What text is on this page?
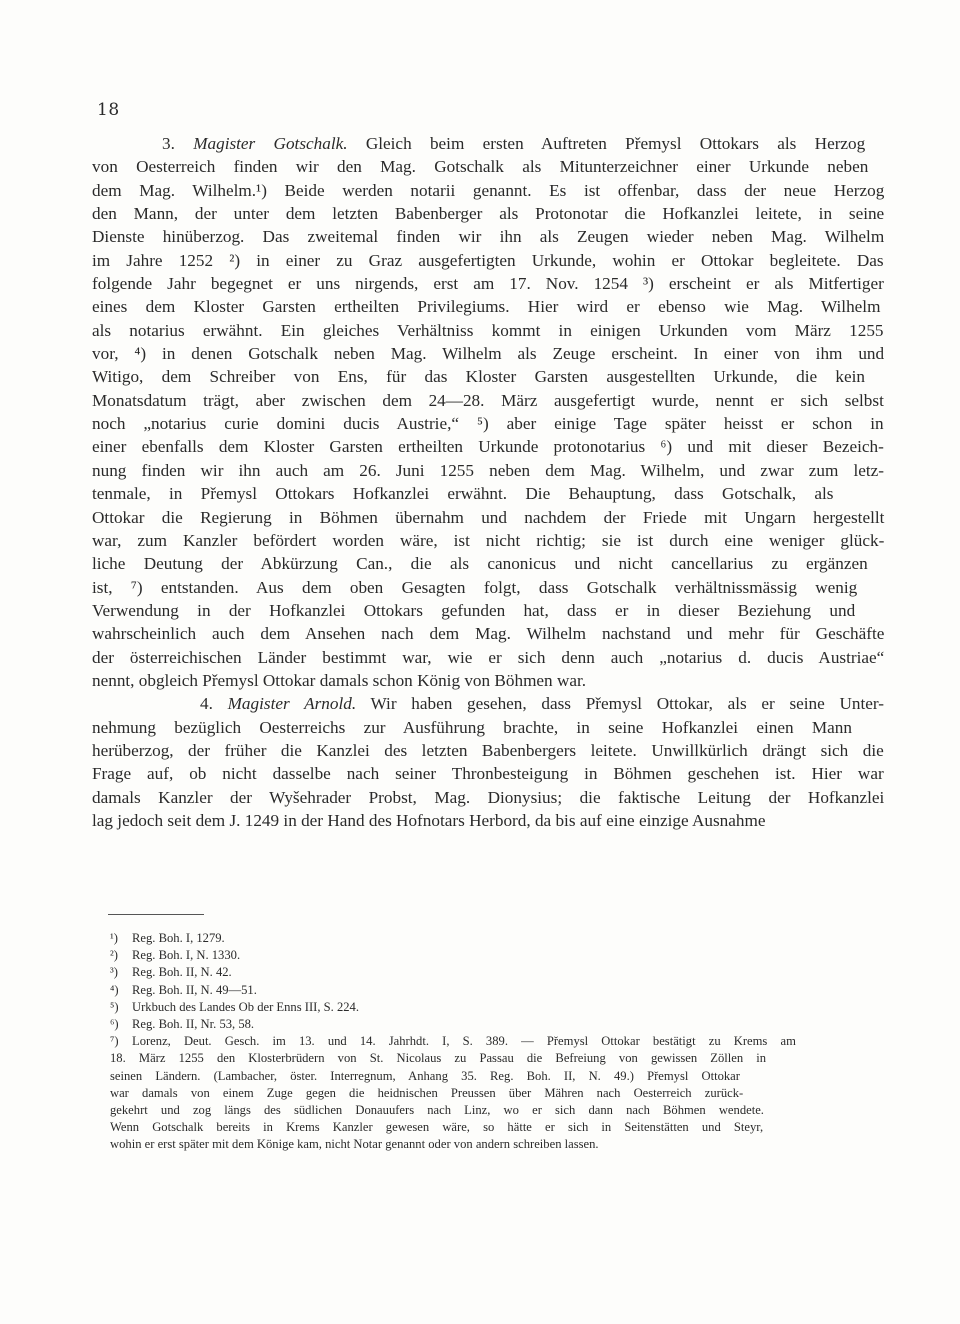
18
3. Magister Gotschalk. Gleich beim ersten Auftreten Přemysl Ottokars als Herzog
von Oesterreich finden wir den Mag. Gotschalk als Mitunterzeichner einer Urkunde neben
dem Mag. Wilhelm.¹) Beide werden notarii genannt. Es ist offenbar, dass der neue Herzog
den Mann, der unter dem letzten Babenberger als Protonotar die Hofkanzlei leitete, in seine
Dienste hinüberzog. Das zweitemal finden wir ihn als Zeugen wieder neben Mag. Wilhelm
im Jahre 1252 ²) in einer zu Graz ausgefertigten Urkunde, wohin er Ottokar begleitete. Das
folgende Jahr begegnet er uns nirgends, erst am 17. Nov. 1254 ³) erscheint er als Mitfertiger
eines dem Kloster Garsten ertheilten Privilegiums. Hier wird er ebenso wie Mag. Wilhelm
als notarius erwähnt. Ein gleiches Verhältniss kommt in einigen Urkunden vom März 1255
vor, ⁴) in denen Gotschalk neben Mag. Wilhelm als Zeuge erscheint. In einer von ihm und
Witigo, dem Schreiber von Ens, für das Kloster Garsten ausgestellten Urkunde, die kein
Monatsdatum trägt, aber zwischen dem 24—28. März ausgefertigt wurde, nennt er sich selbst
noch „notarius curie domini ducis Austrie,“ ⁵) aber einige Tage später heisst er schon in
einer ebenfalls dem Kloster Garsten ertheilten Urkunde protonotarius ⁶) und mit dieser Bezeich-
nung finden wir ihn auch am 26. Juni 1255 neben dem Mag. Wilhelm, und zwar zum letz-
tenmale, in Přemysl Ottokars Hofkanzlei erwähnt. Die Behauptung, dass Gotschalk, als
Ottokar die Regierung in Böhmen übernahm und nachdem der Friede mit Ungarn hergestellt
war, zum Kanzler befördert worden wäre, ist nicht richtig; sie ist durch eine weniger glück-
liche Deutung der Abkürzung Can., die als canonicus und nicht cancellarius zu ergänzen
ist, ⁷) entstanden. Aus dem oben Gesagten folgt, dass Gotschalk verhältnissmässig wenig
Verwendung in der Hofkanzlei Ottokars gefunden hat, dass er in dieser Beziehung und
wahrscheinlich auch dem Ansehen nach dem Mag. Wilhelm nachstand und mehr für Geschäfte
der österreichischen Länder bestimmt war, wie er sich denn auch „notarius d. ducis Austriae“
nennt, obgleich Přemysl Ottokar damals schon König von Böhmen war.
4. Magister Arnold. Wir haben gesehen, dass Přemysl Ottokar, als er seine Unter-
nehmung bezüglich Oesterreichs zur Ausführung brachte, in seine Hofkanzlei einen Mann
herüberzog, der früher die Kanzlei des letzten Babenbergers leitete. Unwillkürlich drängt sich die
Frage auf, ob nicht dasselbe nach seiner Thronbesteigung in Böhmen geschehen ist. Hier war
damals Kanzler der Wyšehrader Probst, Mag. Dionysius; die faktische Leitung der Hofkanzlei
lag jedoch seit dem J. 1249 in der Hand des Hofnotars Herbord, da bis auf eine einzige Ausnahme
¹) Reg. Boh. I, 1279.
²) Reg. Boh. I, N. 1330.
³) Reg. Boh. II, N. 42.
⁴) Reg. Boh. II, N. 49—51.
⁵) Urkbuch des Landes Ob der Enns III, S. 224.
⁶) Reg. Boh. II, Nr. 53, 58.
⁷) Lorenz, Deut. Gesch. im 13. und 14. Jahrhdt. I, S. 389. — Přemysl Ottokar bestätigt zu Krems am
18. März 1255 den Klosterbrüdern von St. Nicolaus zu Passau die Befreiung von gewissen Zöllen in
seinen Ländern. (Lambacher, öster. Interregnum, Anhang 35. Reg. Boh. II, N. 49.) Přemysl Ottokar
war damals von einem Zuge gegen die heidnischen Preussen über Mähren nach Oesterreich zurück-
gekehrt und zog längs des südlichen Donauufers nach Linz, wo er sich dann nach Böhmen wendete.
Wenn Gotschalk bereits in Krems Kanzler gewesen wäre, so hätte er sich in Seitenstätten und Steyr,
wohin er erst später mit dem Könige kam, nicht Notar genannt oder von andern schreiben lassen.
